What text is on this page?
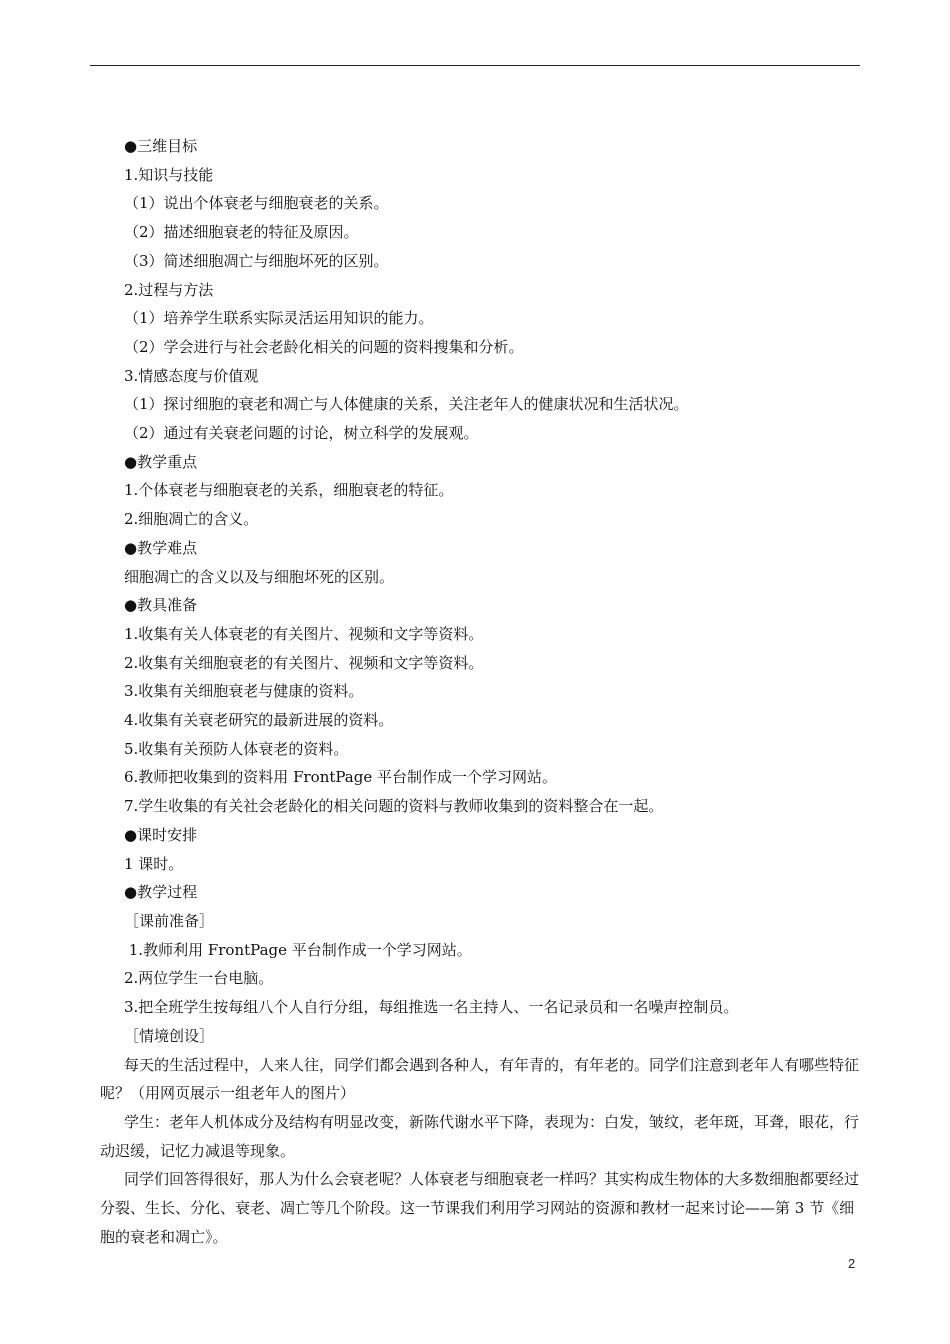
●三维目标

1.知识与技能

（1）说出个体衰老与细胞衰老的关系。

（2）描述细胞衰老的特征及原因。

（3）简述细胞凋亡与细胞坏死的区别。

2.过程与方法

（1）培养学生联系实际灵活运用知识的能力。

（2）学会进行与社会老龄化相关的问题的资料搜集和分析。

3.情感态度与价值观

（1）探讨细胞的衰老和凋亡与人体健康的关系，关注老年人的健康状况和生活状况。

（2）通过有关衰老问题的讨论，树立科学的发展观。

●教学重点

1.个体衰老与细胞衰老的关系，细胞衰老的特征。

2.细胞凋亡的含义。

●教学难点

细胞凋亡的含义以及与细胞坏死的区别。

●教具准备

1.收集有关人体衰老的有关图片、视频和文字等资料。

2.收集有关细胞衰老的有关图片、视频和文字等资料。

3.收集有关细胞衰老与健康的资料。

4.收集有关衰老研究的最新进展的资料。

5.收集有关预防人体衰老的资料。

6.教师把收集到的资料用 FrontPage 平台制作成一个学习网站。

7.学生收集的有关社会老龄化的相关问题的资料与教师收集到的资料整合在一起。

●课时安排

1 课时。

●教学过程

［课前准备］

1.教师利用 FrontPage 平台制作成一个学习网站。

2.两位学生一台电脑。

3.把全班学生按每组八个人自行分组，每组推选一名主持人、一名记录员和一名噪声控制员。

［情境创设］

每天的生活过程中，人来人往，同学们都会遇到各种人，有年青的，有年老的。同学们注意到老年人有哪些特征呢？（用网页展示一组老年人的图片）

学生：老年人机体成分及结构有明显改变，新陈代谢水平下降，表现为：白发，皱纹，老年斑，耳聋，眼花，行动迟缓，记忆力减退等现象。

同学们回答得很好，那人为什么会衰老呢？人体衰老与细胞衰老一样吗？其实构成生物体的大多数细胞都要经过分裂、生长、分化、衰老、凋亡等几个阶段。这一节课我们利用学习网站的资源和教材一起来讨论——第 3 节《细胞的衰老和凋亡》。

2
